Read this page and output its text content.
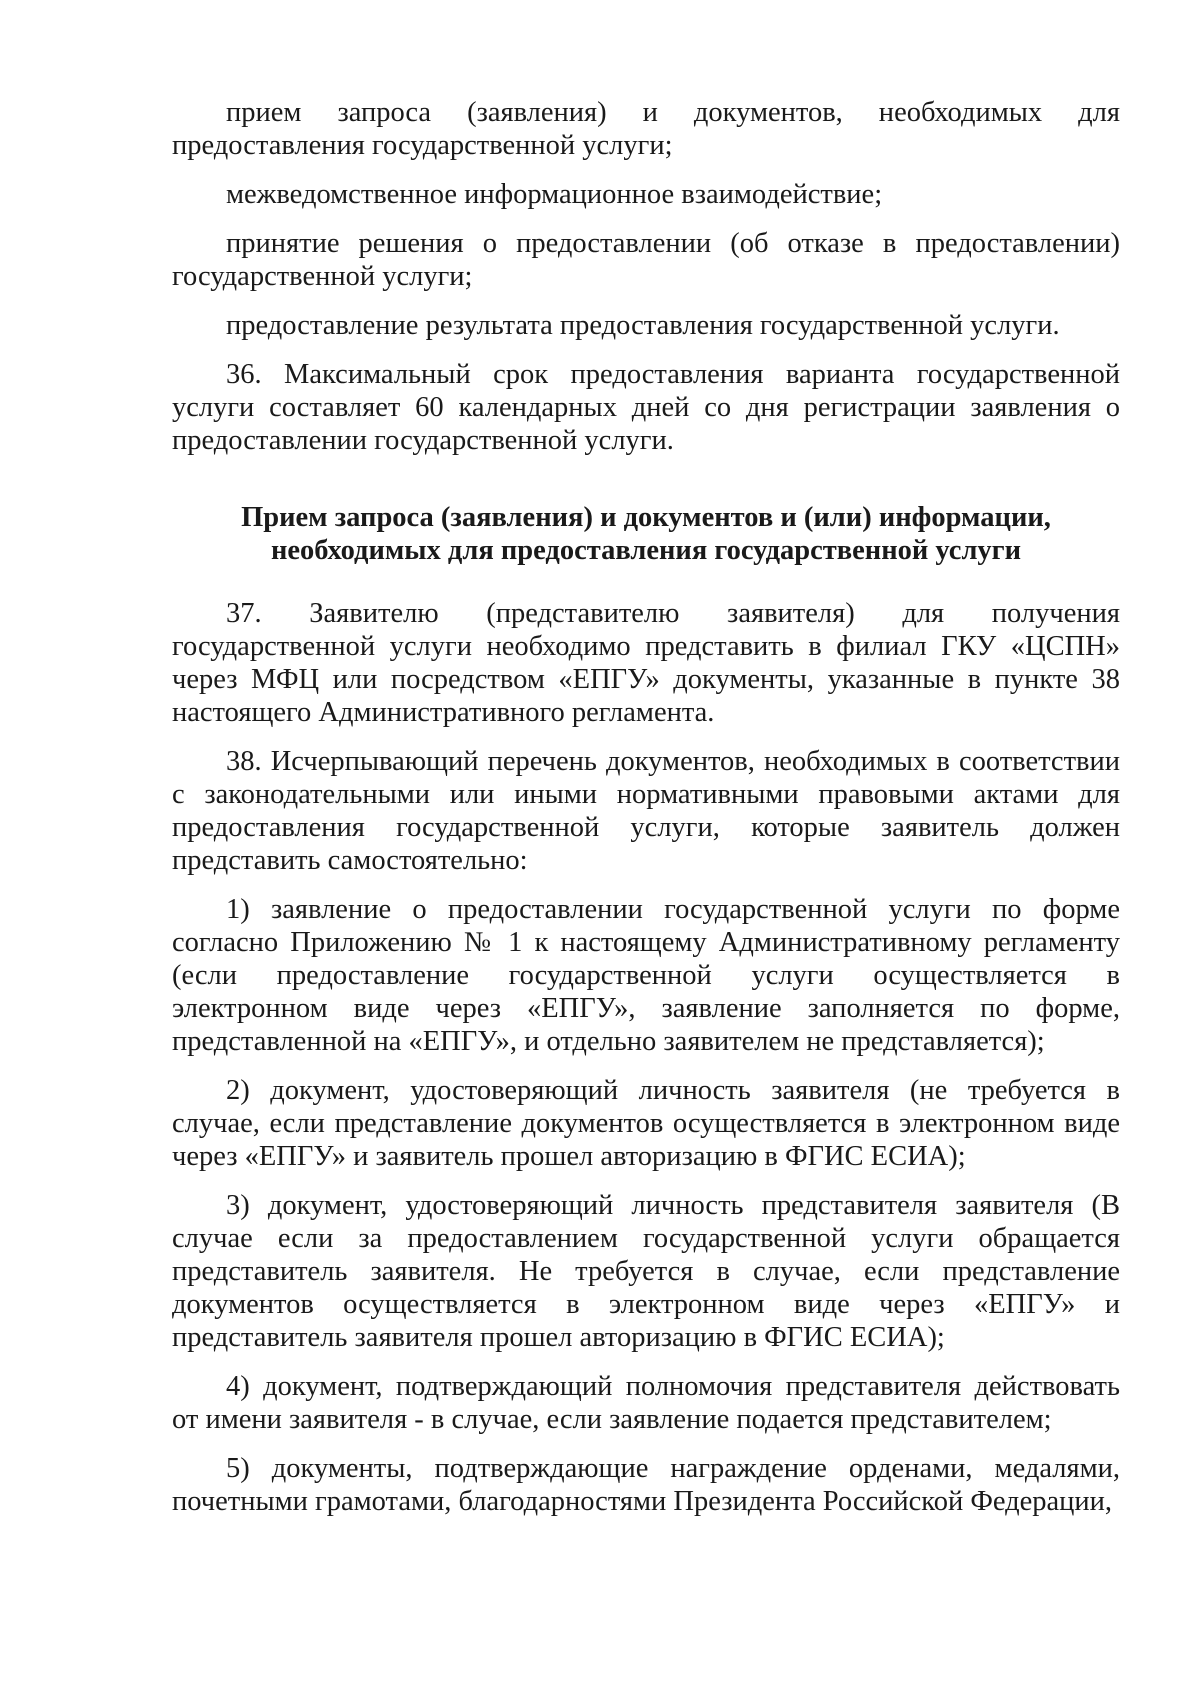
прием запроса (заявления) и документов, необходимых для предоставления государственной услуги;

межведомственное информационное взаимодействие;

принятие решения о предоставлении (об отказе в предоставлении) государственной услуги;

предоставление результата предоставления государственной услуги.

36. Максимальный срок предоставления варианта государственной услуги составляет 60 календарных дней со дня регистрации заявления о предоставлении государственной услуги.

Прием запроса (заявления) и документов и (или) информации,
необходимых для предоставления государственной услуги

37. Заявителю (представителю заявителя) для получения государственной услуги необходимо представить в филиал ГКУ «ЦСПН» через МФЦ или посредством «ЕПГУ» документы, указанные в пункте 38 настоящего Административного регламента.

38. Исчерпывающий перечень документов, необходимых в соответствии с законодательными или иными нормативными правовыми актами для предоставления государственной услуги, которые заявитель должен представить самостоятельно:

1) заявление о предоставлении государственной услуги по форме согласно Приложению № 1 к настоящему Административному регламенту (если предоставление государственной услуги осуществляется в электронном виде через «ЕПГУ», заявление заполняется по форме, представленной на «ЕПГУ», и отдельно заявителем не представляется);

2) документ, удостоверяющий личность заявителя (не требуется в случае, если представление документов осуществляется в электронном виде через «ЕПГУ» и заявитель прошел авторизацию в ФГИС ЕСИА);

3) документ, удостоверяющий личность представителя заявителя (В случае если за предоставлением государственной услуги обращается представитель заявителя. Не требуется в случае, если представление документов осуществляется в электронном виде через «ЕПГУ» и представитель заявителя прошел авторизацию в ФГИС ЕСИА);

4) документ, подтверждающий полномочия представителя действовать от имени заявителя - в случае, если заявление подается представителем;

5) документы, подтверждающие награждение орденами, медалями, почетными грамотами, благодарностями Президента Российской Федерации,
